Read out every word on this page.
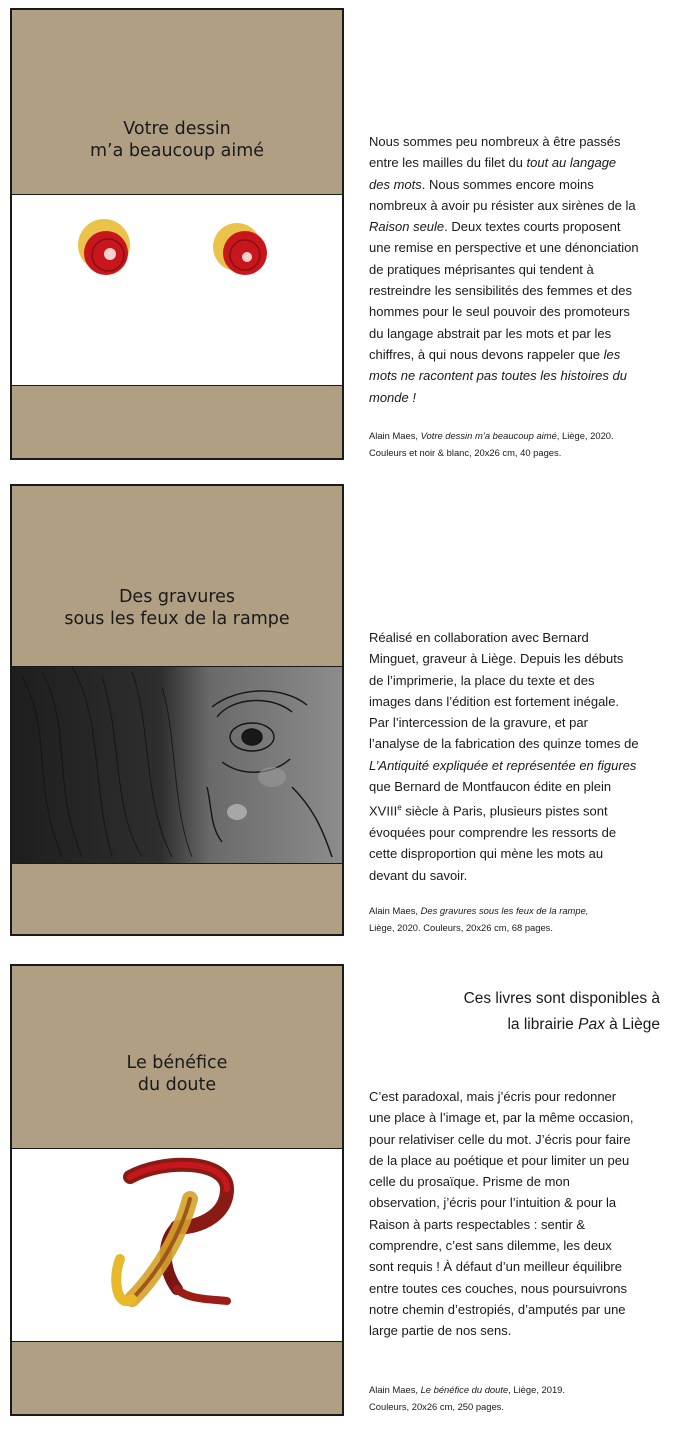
Votre dessin
m’a beaucoup aimé	Nous sommes peu nombreux à être passés entre les mailles du filet du tout au langage des mots. Nous sommes encore moins nombreux à avoir pu résister aux sirènes de la Raison seule. Deux textes courts proposent une remise en perspective et une dénonciation de pratiques méprisantes qui tendent à restreindre les sensibilités des femmes et des hommes pour le seul pouvoir des promoteurs du langage abstrait par les mots et par les chiffres, à qui nous devons rappeler que les mots ne racontent pas toutes les histoires du monde !

Alain Maes, Votre dessin m’a beaucoup aimé, Liège, 2020.

Couleurs et noir & blanc, 20x26 cm, 40 pages.

Des gravures
sous les feux de la rampe

Réalisé en collaboration avec Bernard Minguet, graveur à Liège. Depuis les débuts de l’imprimerie, la place du texte et des images dans l’édition est fortement inégale. Par l’intercession de la gravure, et par l’analyse de la fabrication des quinze tomes de L’Antiquité expliquée et représentée en figures que Bernard de Montfaucon édite en plein XVIIIe siècle à Paris, plusieurs pistes sont évoquées pour comprendre les ressorts de cette disproportion qui mène les mots au devant du savoir.

Alain Maes, Des gravures sous les feux de la rampe,

Liège, 2020. Couleurs, 20x26 cm, 68 pages.

Ces livres sont disponibles à

la librairie Pax à Liège

Le bénéfice
du doute

C’est paradoxal, mais j’écris pour redonner une place à l’image et, par la même occasion, pour relativiser celle du mot. J’écris pour faire de la place au poétique et pour limiter un peu celle du prosaïque. Prisme de mon observation, j’écris pour l’intuition & pour la Raison à parts respectables : sentir & comprendre, c’est sans dilemme, les deux sont requis ! À défaut d’un meilleur équilibre entre toutes ces couches, nous poursuivrons notre chemin d’estropiés, d’amputés par une large partie de nos sens.

Alain Maes, Le bénéfice du doute, Liège, 2019.

Couleurs, 20x26 cm, 250 pages.
